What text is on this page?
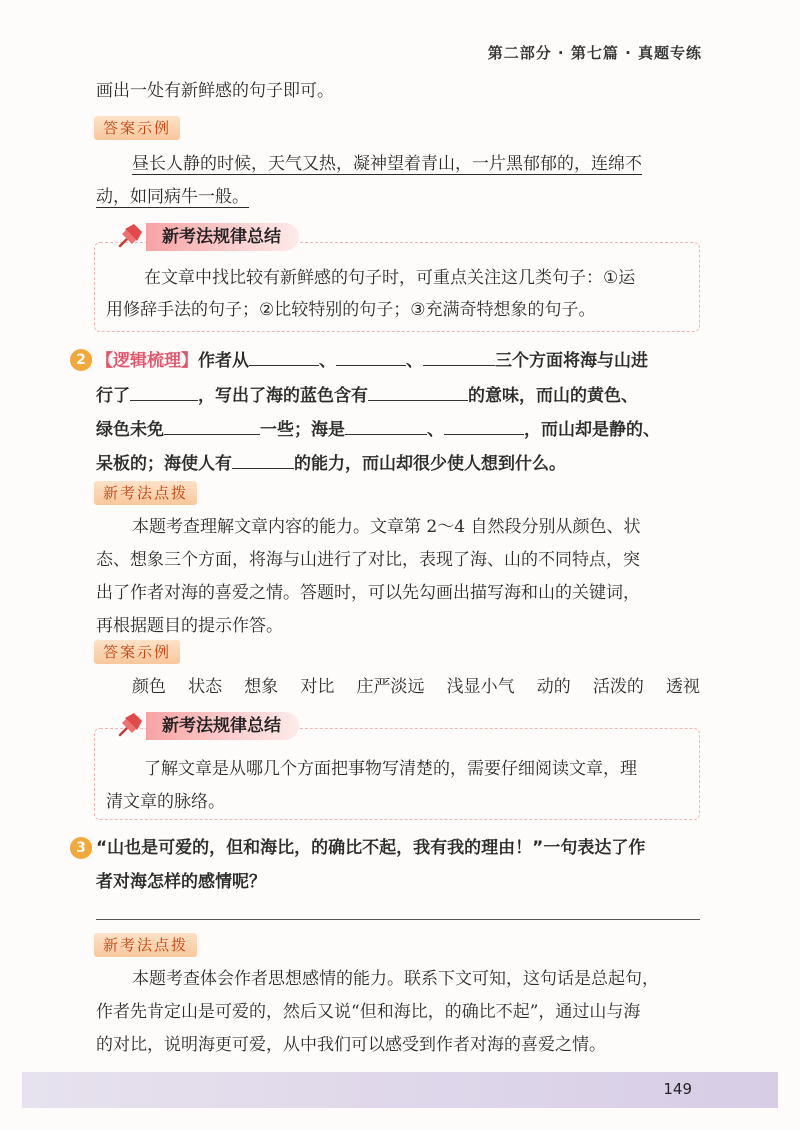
第二部分 · 第七篇 · 真题专练
画出一处有新鲜感的句子即可。
答案示例
昼长人静的时候，天气又热，凝神望着青山，一片黑郁郁的，连绵不
动，如同病牛一般。
新考法规律总结
在文章中找比较有新鲜感的句子时，可重点关注这几类句子：①运
用修辞手法的句子；②比较特别的句子；③充满奇特想象的句子。
2 【逻辑梳理】作者从	、	、	三个方面将海与山进
行了	，写出了海的蓝色含有	的意味，而山的黄色、
绿色未免	一些；海是	、	，而山却是静的、
呆板的；海使人有	的能力，而山却很少使人想到什么。
新考法点拨
本题考查理解文章内容的能力。文章第 2～4 自然段分别从颜色、状
态、想象三个方面，将海与山进行了对比，表现了海、山的不同特点，突
出了作者对海的喜爱之情。答题时，可以先勾画出描写海和山的关键词，
再根据题目的提示作答。
答案示例
颜色 状态 想象 对比 庄严淡远 浅显小气 动的 活泼的 透视
新考法规律总结
了解文章是从哪几个方面把事物写清楚的，需要仔细阅读文章，理
清文章的脉络。
3 “山也是可爱的，但和海比，的确比不起，我有我的理由！”一句表达了作
者对海怎样的感情呢？
新考法点拨
本题考查体会作者思想感情的能力。联系下文可知，这句话是总起句，
作者先肯定山是可爱的，然后又说“但和海比，的确比不起”，通过山与海
的对比，说明海更可爱，从中我们可以感受到作者对海的喜爱之情。
149
